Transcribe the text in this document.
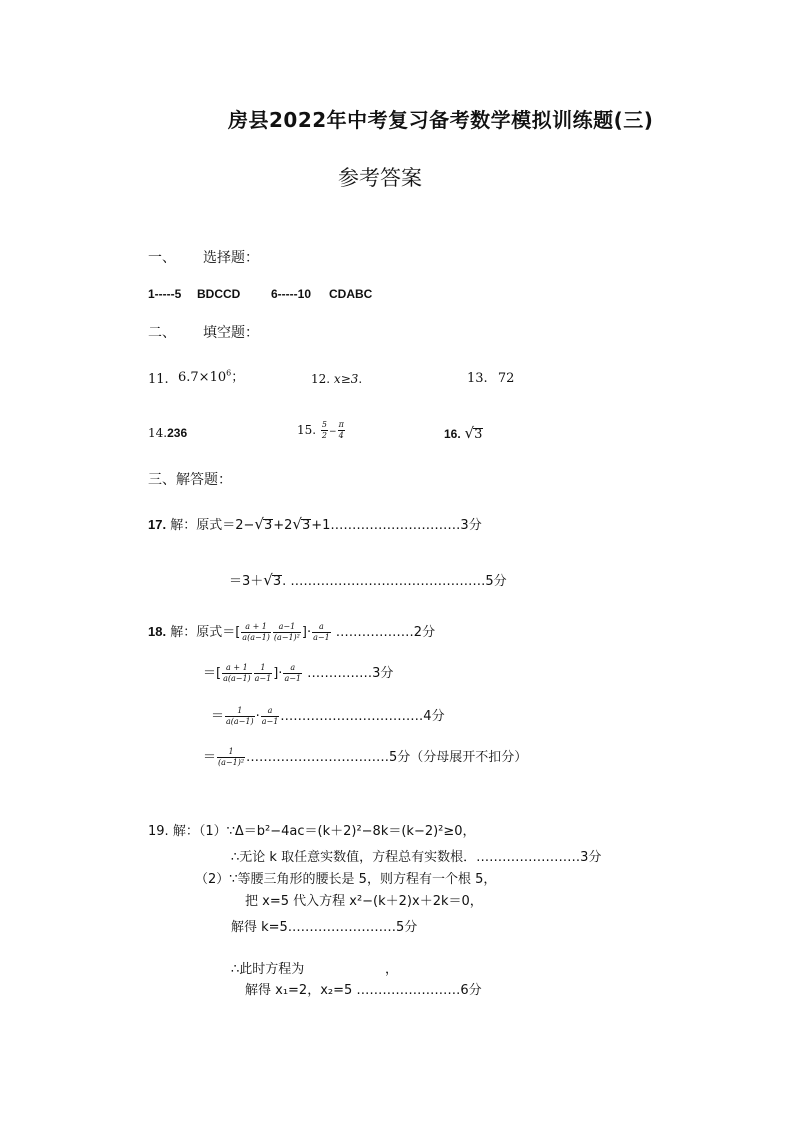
房县2022年中考复习备考数学模拟训练题(三)
参考答案
一、 选择题：
1-----5 BDCCD	6-----10 CDABC
二、 填空题：
11. $6.7\times 10^6$；	12. x≥3.	13. 72
14.236	15. $\frac{5}{2} - \frac{\pi}{4}$	16. √3
三、解答题：
17. 解：原式＝2−√3+2√3+1…………………………3分
＝3＋√3. ………………………………………5分
18. 解：原式＝[ $\frac{a + 1}{a(a-1)} \frac{a-1}{\text{(a−1)²}}$ ]· $\frac{a}{a-1}$ ………………2分
＝[ $\frac{a + 1}{a(a-1)} \frac{1}{a-1}$ ]· $\frac{a}{a-1}$ ……………3分
＝ $\frac{1}{a(a-1)} \cdot \frac{a}{a-1}$ ……………………………4分
＝ $\frac{1}{\text{(a−1)²}}$ ……………………………5分（分母展开不扣分）
19. 解：（1）∵Δ＝b²−4ac＝(k＋2)²−8k＝(k−2)²≥0，
∴无论 k 取任意实数值，方程总有实数根．……………………3分
（2）∵等腰三角形的腰长是 5，则方程有一个根 5，
把 x=5 代入方程 x²−(k＋2)x＋2k＝0，
解得 k=5.……………………5分
∴此时方程为	，
解得 x₁=2，x₂=5 ……………………6分
